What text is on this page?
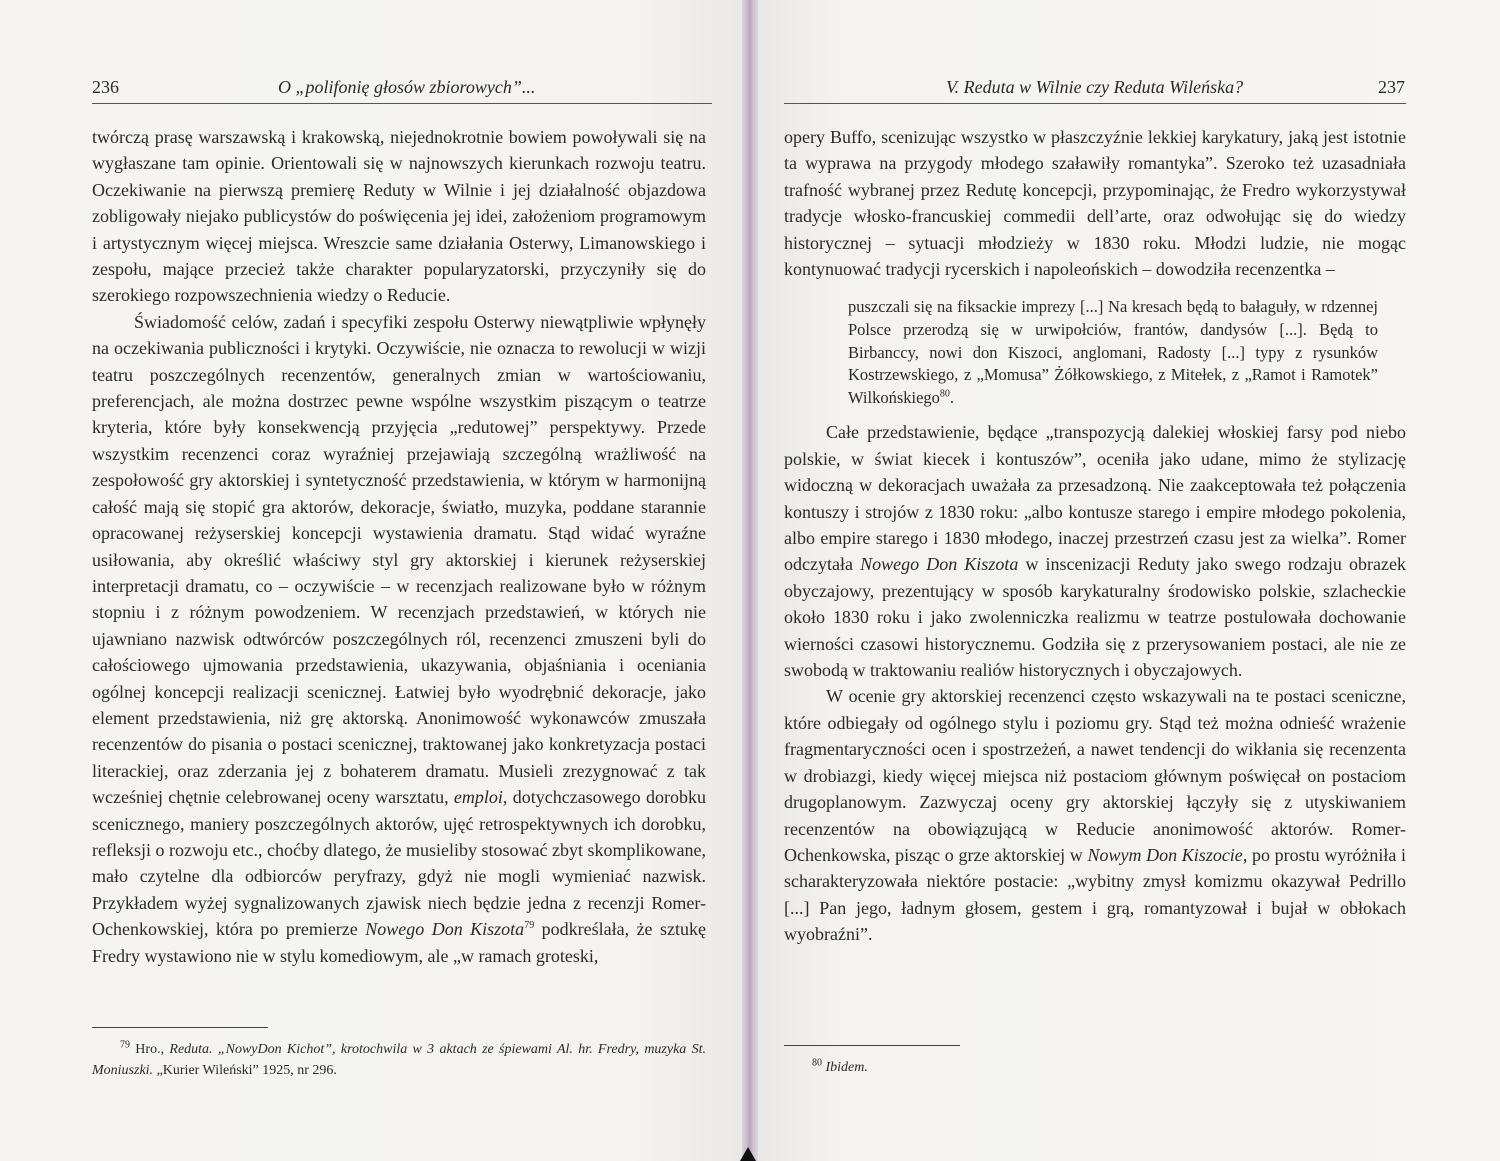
236	O „polifonię głosów zbiorowych”...

twórczą prasę warszawską i krakowską, niejednokrotnie bowiem powoływali się na wygłaszane tam opinie. Orientowali się w najnowszych kierunkach rozwoju teatru. Oczekiwanie na pierwszą premierę Reduty w Wilnie i jej działalność objazdowa zobligowały niejako publicystów do poświęcenia jej idei, założeniom programowym i artystycznym więcej miejsca. Wreszcie same działania Osterwy, Limanowskiego i zespołu, mające przecież także charakter popularyzatorski, przyczyniły się do szerokiego rozpowszechnienia wiedzy o Reducie.

Świadomość celów, zadań i specyfiki zespołu Osterwy niewątpliwie wpłynęły na oczekiwania publiczności i krytyki. Oczywiście, nie oznacza to rewolucji w wizji teatru poszczególnych recenzentów, generalnych zmian w wartościowaniu, preferencjach, ale można dostrzec pewne wspólne wszystkim piszącym o teatrze kryteria, które były konsekwencją przyjęcia „redutowej” perspektywy. Przede wszystkim recenzenci coraz wyraźniej przejawiają szczególną wrażliwość na zespołowość gry aktorskiej i syntetyczność przedstawienia, w którym w harmonijną całość mają się stopić gra aktorów, dekoracje, światło, muzyka, poddane starannie opracowanej reżyserskiej koncepcji wystawienia dramatu. Stąd widać wyraźne usiłowania, aby określić właściwy styl gry aktorskiej i kierunek reżyserskiej interpretacji dramatu, co – oczywiście – w recenzjach realizowane było w różnym stopniu i z różnym powodzeniem. W recenzjach przedstawień, w których nie ujawniano nazwisk odtwórców poszczególnych ról, recenzenci zmuszeni byli do całościowego ujmowania przedstawienia, ukazywania, objaśniania i oceniania ogólnej koncepcji realizacji scenicznej. Łatwiej było wyodrębnić dekoracje, jako element przedstawienia, niż grę aktorską. Anonimowość wykonawców zmuszała recenzentów do pisania o postaci scenicznej, traktowanej jako konkretyzacja postaci literackiej, oraz zderzania jej z bohaterem dramatu. Musieli zrezygnować z tak wcześniej chętnie celebrowanej oceny warsztatu, emploi, dotychczasowego dorobku scenicznego, maniery poszczególnych aktorów, ujęć retrospektywnych ich dorobku, refleksji o rozwoju etc., choćby dlatego, że musieliby stosować zbyt skomplikowane, mało czytelne dla odbiorców peryfrazy, gdyż nie mogli wymieniać nazwisk. Przykładem wyżej sygnalizowanych zjawisk niech będzie jedna z recenzji Romer-Ochenkowskiej, która po premierze Nowego Don Kiszota$^{79}$ podkreślała, że sztukę Fredry wystawiono nie w stylu komediowym, ale „w ramach groteski,

$^{79}$ Hro., Reduta. „NowyDon Kichot”, krotochwila w 3 aktach ze śpiewami Al. hr. Fredry, muzyka St. Moniuszki. „Kurier Wileński” 1925, nr 296.
V. Reduta w Wilnie czy Reduta Wileńska?	237

opery Buffo, scenizując wszystko w płaszczyźnie lekkiej karykatury, jaką jest istotnie ta wyprawa na przygody młodego szaławiły romantyka”. Szeroko też uzasadniała trafność wybranej przez Redutę koncepcji, przypominając, że Fredro wykorzystywał tradycje włosko-francuskiej commedii dell’arte, oraz odwołując się do wiedzy historycznej – sytuacji młodzieży w 1830 roku. Młodzi ludzie, nie mogąc kontynuować tradycji rycerskich i napoleońskich – dowodziła recenzentka –

puszczali się na fiksackie imprezy [...] Na kresach będą to bałaguły, w rdzennej Polsce przerodzą się w urwipołciów, frantów, dandysów [...]. Będą to Birbanccy, nowi don Kiszoci, anglomani, Radosty [...] typy z rysunków Kostrzewskiego, z „Momusa” Żółkowskiego, z Mitełek, z „Ramot i Ramotek” Wilkońskiego$^{80}$.

Całe przedstawienie, będące „transpozycją dalekiej włoskiej farsy pod niebo polskie, w świat kiecek i kontuszów”, oceniła jako udane, mimo że stylizację widoczną w dekoracjach uważała za przesadzoną. Nie zaakceptowała też połączenia kontuszy i strojów z 1830 roku: „albo kontusze starego i empire młodego pokolenia, albo empire starego i 1830 młodego, inaczej przestrzeń czasu jest za wielka”. Romer odczytała Nowego Don Kiszota w inscenizacji Reduty jako swego rodzaju obrazek obyczajowy, prezentujący w sposób karykaturalny środowisko polskie, szlacheckie około 1830 roku i jako zwolenniczka realizmu w teatrze postulowała dochowanie wierności czasowi historycznemu. Godziła się z przerysowaniem postaci, ale nie ze swobodą w traktowaniu realiów historycznych i obyczajowych.

W ocenie gry aktorskiej recenzenci często wskazywali na te postaci sceniczne, które odbiegały od ogólnego stylu i poziomu gry. Stąd też można odnieść wrażenie fragmentaryczności ocen i spostrzeżeń, a nawet tendencji do wikłania się recenzenta w drobiazgi, kiedy więcej miejsca niż postaciom głównym poświęcał on postaciom drugoplanowym. Zazwyczaj oceny gry aktorskiej łączyły się z utyskiwaniem recenzentów na obowiązującą w Reducie anonimowość aktorów. Romer-Ochenkowska, pisząc o grze aktorskiej w Nowym Don Kiszocie, po prostu wyróżniła i scharakteryzowała niektóre postacie: „wybitny zmysł komizmu okazywał Pedrillo [...] Pan jego, ładnym głosem, gestem i grą, romantyzował i bujał w obłokach wyobraźni”.

$^{80}$ Ibidem.
